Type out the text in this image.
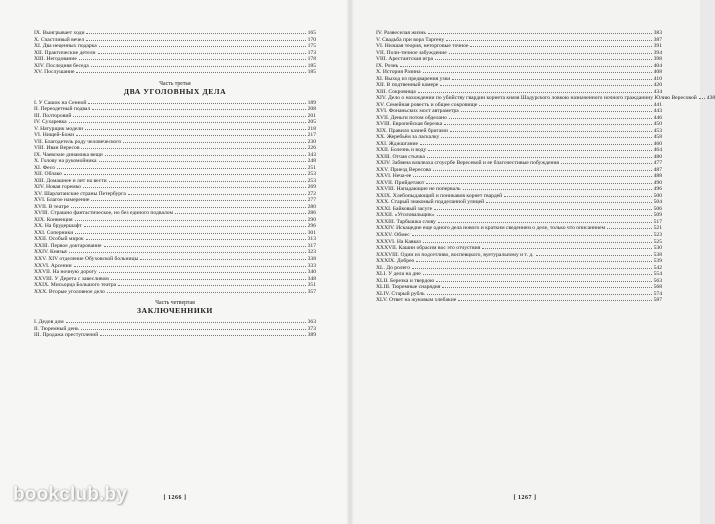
IX. Выигрывает ходи	165
X. Счастливый вечел	170
XI. Два неценных подарка	175
XII. Практические детели	173
XIII. Негодование	178
XIV. Последняя беседа	185
XV. Послушание	185
Часть третья
ДВА УГОЛОВНЫХ ДЕЛА
I. У Сашок на Сенной	189
II. Переодетный подвал	208
III. Полторовий	201
IV. Сухаревка	205
V. Натурщик модели	218
VI. Нищей-Божи	217
VII. Благодетель роду человеческого	230
VIII. Иван Вересов	226
IX. Чаевские динамика вещи	343
X. Голову на рукомойника	248
XI. Фесо	251
XII. Облако	253
XIII. Домашнее и лит на вести	253
XIV. Новая горемко	269
XV. Шарлатанские страны Петербурга	272
XVI. Благое намерение	277
XVII. В театре	280
XVIII. Страшно фантастическое, но без единого подвалом	286
XIX. Конвенция	290
XX. На брудершафт	296
XXI. Соперники	301
XXII. Особый мирок	313
XXIII. Первое доктарование	317
XXIV. Князья	323
XXV. XIV отделение Обуховской больницы	338
XXVI. Арсенин	333
XXVII. На ночную дорогу	340
XXVIII. У Дерета с завесливом	348
XXIX. Мисьорца Большого театра	351
XXX. Вторые уголовное дело	357
Часть четвертая
ЗАКЛЮЧЕННИКИ
I. Дедов дом	363
II. Тюремный день	373
III. Продажа преступлений	389
[ 1266 ]
IV. Развеселая жизнь	383
V. Свадьба при вора Таргену	387
VI. Низшая теория, неторговые точное	391
VII. Поли-тичное забуждение	394
VIII. Арестантская игра	398
IX. Рознь	404
X. История Разина	408
XI. Выход из предварения узки	410
XII. В подтвенный камере	420
XIII. Сокровища	434
XIV. Дело о нахождении по убийству гвардии корнета князя Шадурского ловкою назначенного ночного гражданину Юлию Вересовой 438
XV. Семейная ровесть и общее сокровище	441
XVI. Фонаньских мост автраметра	443
XVII. Деньги потом обделано	446
XVIII. Европейская березка	450
XIX. Правило казней бригами	453
XX. Жеребьём за ласкалку	458
XXI. Жджшгание	460
XXII. Болезнь и воду	464
XXIII. Отчая стычка	480
XXIV. Забвена влялеаха сгоусрбе Вересевой и ее благочестивые побуждения	477
XXV. Приезд Вересова	487
XXVI. Неча-ее	488
XXVII. Прийдетают	490
XXVIII. Нападающие не поперваль	496
XXIX. Хлебопыдающий и поникавов корнет гвардей	500
XXX. Старый знакомый подделанной улицей	504
XXXI. Байковый засуге	506
XXXII. «Уголовальщик»	509
XXXIII. Тарбышка слову	517
XXXIV. Искацедие еще одного дела нового и кратким сведением о деле, только что описаннием	521
XXXV. Обмес	523
XXXVI. На Кавказ	525
XXXVII. Кашин обрасим вос это отчуствия	530
XXXVIII. Один из подсетливо, воспевцкого, вуетуральному и т. д.	538
XXXIX. Добрео	539
XL. До ролего	542
XLI. У дела на дне	554
XLII. Березка и твердою	563
XLIII. Тюремные снарядия	568
XLIV. Старый рубль	574
XLV. Ответ на жуковым хлебакие	587
[ 1267 ]
bookclub.by
